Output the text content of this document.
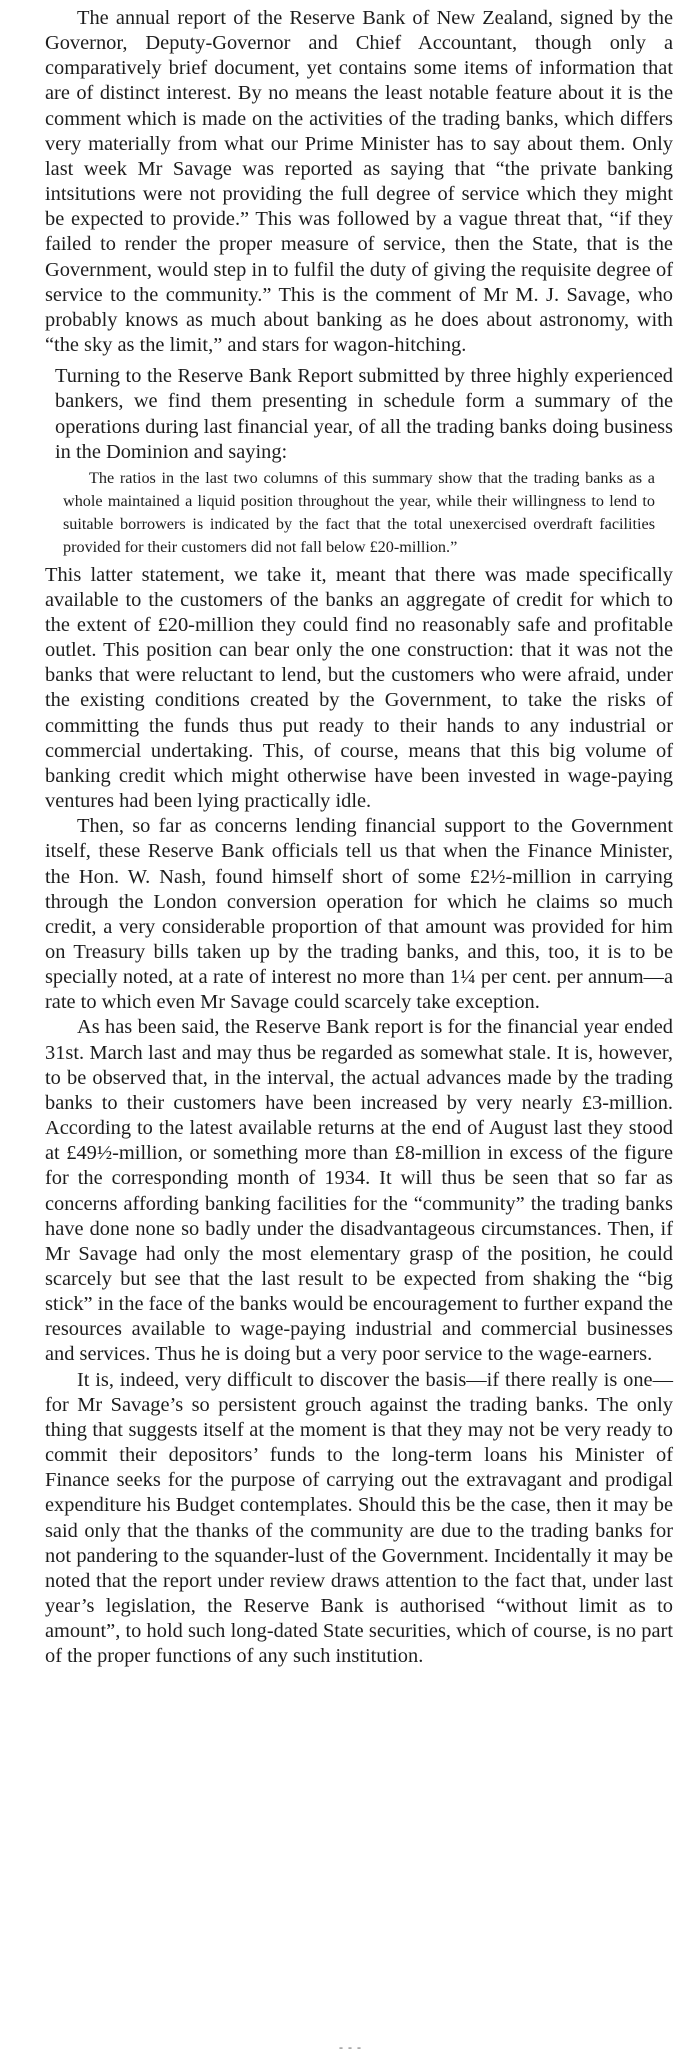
The annual report of the Reserve Bank of New Zealand, signed by the Governor, Deputy-Governor and Chief Accountant, though only a comparatively brief document, yet contains some items of information that are of distinct interest. By no means the least notable feature about it is the comment which is made on the activities of the trading banks, which differs very materially from what our Prime Minister has to say about them. Only last week Mr Savage was reported as saying that “the private banking intsitutions were not providing the full degree of service which they might be expected to provide.” This was followed by a vague threat that, “if they failed to render the proper measure of service, then the State, that is the Government, would step in to fulfil the duty of giving the requisite degree of service to the community.” This is the comment of Mr M. J. Savage, who probably knows as much about banking as he does about astronomy, with “the sky as the limit,” and stars for wagon-hitching.

Turning to the Reserve Bank Report submitted by three highly experienced bankers, we find them presenting in schedule form a summary of the operations during last financial year, of all the trading banks doing business in the Dominion and saying:

The ratios in the last two columns of this summary show that the trading banks as a whole maintained a liquid position throughout the year, while their willingness to lend to suitable borrowers is indicated by the fact that the total unexercised overdraft facilities provided for their customers did not fall below £20-million.”

This latter statement, we take it, meant that there was made specifically available to the customers of the banks an aggregate of credit for which to the extent of £20-million they could find no reasonably safe and profitable outlet. This position can bear only the one construction: that it was not the banks that were reluctant to lend, but the customers who were afraid, under the existing conditions created by the Government, to take the risks of committing the funds thus put ready to their hands to any industrial or commercial undertaking. This, of course, means that this big volume of banking credit which might otherwise have been invested in wage-paying ventures had been lying practically idle.

Then, so far as concerns lending financial support to the Government itself, these Reserve Bank officials tell us that when the Finance Minister, the Hon. W. Nash, found himself short of some £2½-million in carrying through the London conversion operation for which he claims so much credit, a very considerable proportion of that amount was provided for him on Treasury bills taken up by the trading banks, and this, too, it is to be specially noted, at a rate of interest no more than 1¼ per cent. per annum—a rate to which even Mr Savage could scarcely take exception.

As has been said, the Reserve Bank report is for the financial year ended 31st. March last and may thus be regarded as somewhat stale. It is, however, to be observed that, in the interval, the actual advances made by the trading banks to their customers have been increased by very nearly £3-million. According to the latest available returns at the end of August last they stood at £49½-million, or something more than £8-million in excess of the figure for the corresponding month of 1934. It will thus be seen that so far as concerns affording banking facilities for the “community” the trading banks have done none so badly under the disadvantageous circumstances. Then, if Mr Savage had only the most elementary grasp of the position, he could scarcely but see that the last result to be expected from shaking the “big stick” in the face of the banks would be encouragement to further expand the resources available to wage-paying industrial and commercial businesses and services. Thus he is doing but a very poor service to the wage-earners.

It is, indeed, very difficult to discover the basis—if there really is one—for Mr Savage’s so persistent grouch against the trading banks. The only thing that suggests itself at the moment is that they may not be very ready to commit their depositors’ funds to the long-term loans his Minister of Finance seeks for the purpose of carrying out the extravagant and prodigal expenditure his Budget contemplates. Should this be the case, then it may be said only that the thanks of the community are due to the trading banks for not pandering to the squander-lust of the Government. Incidentally it may be noted that the report under review draws attention to the fact that, under last year’s legislation, the Reserve Bank is authorised “without limit as to amount”, to hold such long-dated State securities, which of course, is no part of the proper functions of any such institution.

- - -
